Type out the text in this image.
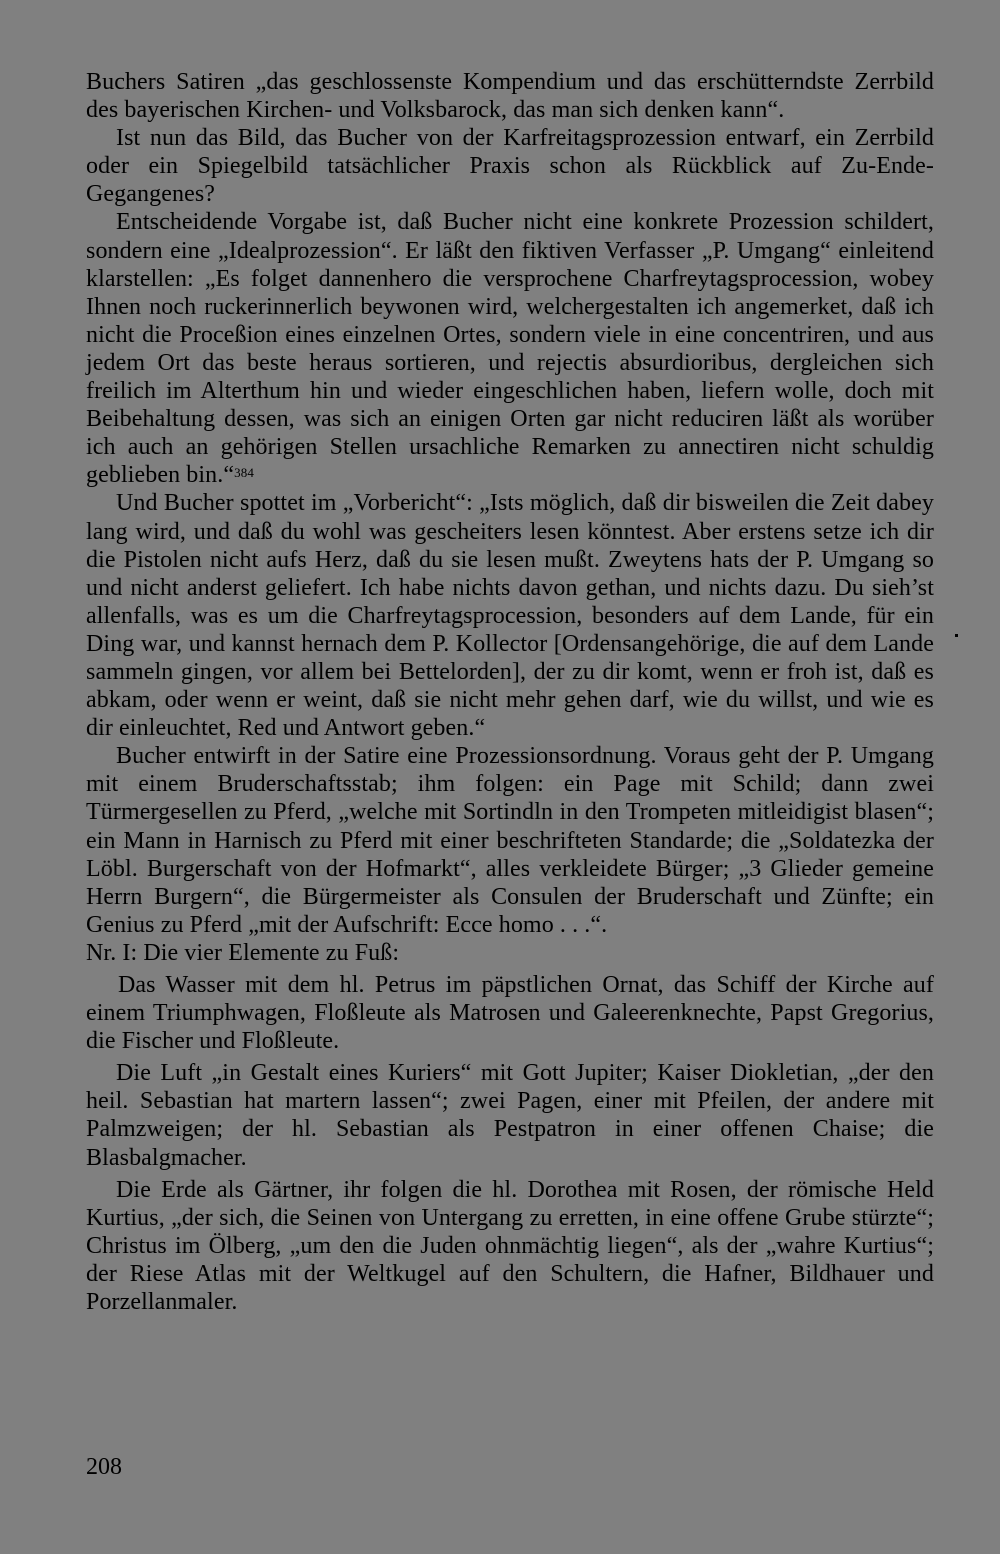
Buchers Satiren „das geschlossenste Kompendium und das erschütterndste Zerrbild des bayerischen Kirchen- und Volksbarock, das man sich denken kann“.

Ist nun das Bild, das Bucher von der Karfreitagsprozession entwarf, ein Zerrbild oder ein Spiegelbild tatsächlicher Praxis schon als Rückblick auf Zu-Ende-Gegangenes?

Entscheidende Vorgabe ist, daß Bucher nicht eine konkrete Prozession schildert, sondern eine „Idealprozession“. Er läßt den fiktiven Verfasser „P. Umgang“ einleitend klarstellen: „Es folget dannenhero die versprochene Charfreytagsprocession, wobey Ihnen noch ruckerinnerlich beywonen wird, welchergestalten ich angemerket, daß ich nicht die Proceßion eines einzelnen Ortes, sondern viele in eine concentriren, und aus jedem Ort das beste heraus sortieren, und rejectis absurdioribus, dergleichen sich freilich im Alterthum hin und wieder eingeschlichen haben, liefern wolle, doch mit Beibehaltung dessen, was sich an einigen Orten gar nicht reduciren läßt als worüber ich auch an gehörigen Stellen ursachliche Remarken zu annectiren nicht schuldig geblieben bin.“$^{384}$

Und Bucher spottet im „Vorbericht“: „Ists möglich, daß dir bisweilen die Zeit dabey lang wird, und daß du wohl was gescheiters lesen könntest. Aber erstens setze ich dir die Pistolen nicht aufs Herz, daß du sie lesen mußt. Zweytens hats der P. Umgang so und nicht anderst geliefert. Ich habe nichts davon gethan, und nichts dazu. Du sieh’st allenfalls, was es um die Charfreytagsprocession, besonders auf dem Lande, für ein Ding war, und kannst hernach dem P. Kollector [Ordensangehörige, die auf dem Lande sammeln gingen, vor allem bei Bettelorden], der zu dir komt, wenn er froh ist, daß es abkam, oder wenn er weint, daß sie nicht mehr gehen darf, wie du willst, und wie es dir einleuchtet, Red und Antwort geben.“

Bucher entwirft in der Satire eine Prozessionsordnung. Voraus geht der P. Umgang mit einem Bruderschaftsstab; ihm folgen: ein Page mit Schild; dann zwei Türmergesellen zu Pferd, „welche mit Sortindln in den Trompeten mitleidigist blasen“; ein Mann in Harnisch zu Pferd mit einer beschrifteten Standarde; die „Soldatezka der Löbl. Burgerschaft von der Hofmarkt“, alles verkleidete Bürger; „3 Glieder gemeine Herrn Burgern“, die Bürgermeister als Consulen der Bruderschaft und Zünfte; ein Genius zu Pferd „mit der Aufschrift: Ecce homo . . .“.

Nr. I: Die vier Elemente zu Fuß:

Das Wasser mit dem hl. Petrus im päpstlichen Ornat, das Schiff der Kirche auf einem Triumphwagen, Floßleute als Matrosen und Galeerenknechte, Papst Gregorius, die Fischer und Floßleute.

Die Luft „in Gestalt eines Kuriers“ mit Gott Jupiter; Kaiser Diokletian, „der den heil. Sebastian hat martern lassen“; zwei Pagen, einer mit Pfeilen, der andere mit Palmzweigen; der hl. Sebastian als Pestpatron in einer offenen Chaise; die Blasbalgmacher.

Die Erde als Gärtner, ihr folgen die hl. Dorothea mit Rosen, der römische Held Kurtius, „der sich, die Seinen von Untergang zu erretten, in eine offene Grube stürzte“; Christus im Ölberg, „um den die Juden ohnmächtig liegen“, als der „wahre Kurtius“; der Riese Atlas mit der Weltkugel auf den Schultern, die Hafner, Bildhauer und Porzellanmaler.

208
